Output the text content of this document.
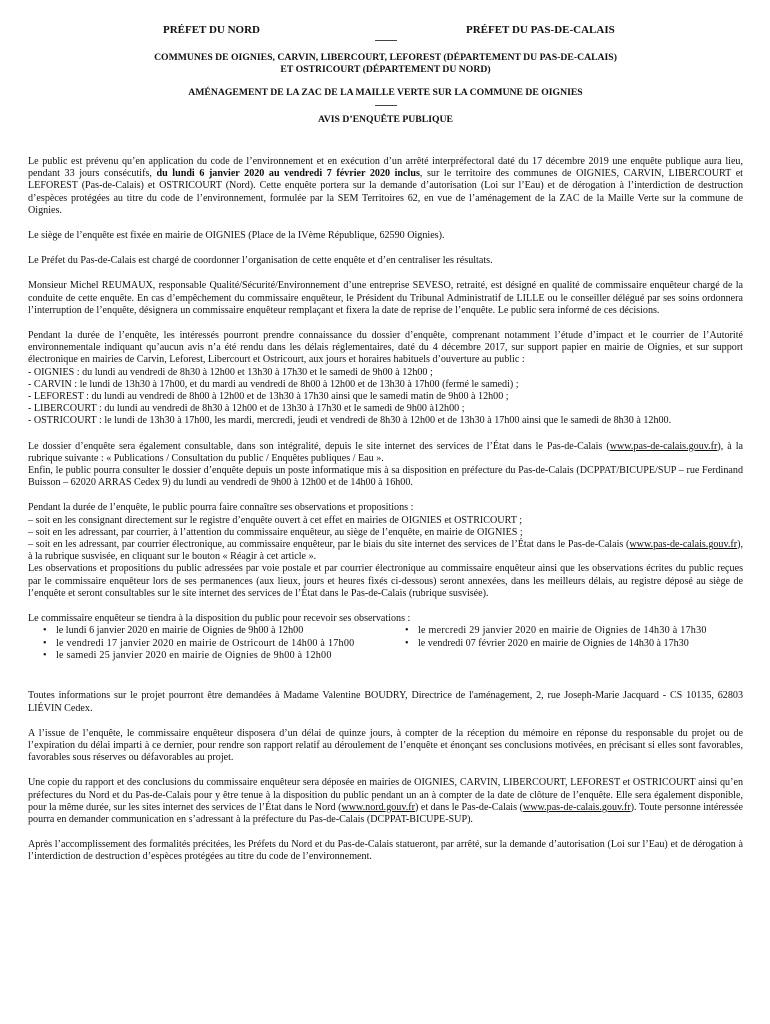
PRÉFET DU NORD	PRÉFET DU PAS-DE-CALAIS
COMMUNES DE OIGNIES, CARVIN, LIBERCOURT, LEFOREST (DÉPARTEMENT DU PAS-DE-CALAIS)
ET OSTRICOURT (DÉPARTEMENT DU NORD)
AMÉNAGEMENT DE LA ZAC DE LA MAILLE VERTE SUR LA COMMUNE DE OIGNIES
AVIS D’ENQUÊTE PUBLIQUE

Le public est prévenu qu’en application du code de l’environnement et en exécution d’un arrêté interpréfectoral daté du 17 décembre 2019 une enquête publique aura lieu, pendant 33 jours consécutifs, du lundi 6 janvier 2020 au vendredi 7 février 2020 inclus, sur le territoire des communes de OIGNIES, CARVIN, LIBERCOURT et LEFOREST (Pas-de-Calais) et OSTRICOURT (Nord). Cette enquête portera sur la demande d’autorisation (Loi sur l’Eau) et de dérogation à l’interdiction de destruction d’espèces protégées au titre du code de l’environnement, formulée par la SEM Territoires 62, en vue de l’aménagement de la ZAC de la Maille Verte sur la commune de Oignies.

Le siège de l’enquête est fixée en mairie de OIGNIES (Place de la IVème République, 62590 Oignies).

Le Préfet du Pas-de-Calais est chargé de coordonner l’organisation de cette enquête et d’en centraliser les résultats.

Monsieur Michel REUMAUX, responsable Qualité/Sécurité/Environnement d’une entreprise SEVESO, retraité, est désigné en qualité de commissaire enquêteur chargé de la conduite de cette enquête. En cas d’empêchement du commissaire enquêteur, le Président du Tribunal Administratif de LILLE ou le conseiller délégué par ses soins ordonnera l’interruption de l’enquête, désignera un commissaire enquêteur remplaçant et fixera la date de reprise de l’enquête. Le public sera informé de ces décisions.

Pendant la durée de l’enquête, les intéressés pourront prendre connaissance du dossier d’enquête, comprenant notamment l’étude d’impact et le courrier de l’Autorité environnementale indiquant qu’aucun avis n’a été rendu dans les délais réglementaires, daté du 4 décembre 2017, sur support papier en mairie de Oignies, et sur support électronique en mairies de Carvin, Leforest, Libercourt et Ostricourt, aux jours et horaires habituels d’ouverture au public :

- OIGNIES : du lundi au vendredi de 8h30 à 12h00 et 13h30 à 17h30 et le samedi de 9h00 à 12h00 ;

- CARVIN : le lundi de 13h30 à 17h00, et du mardi au vendredi de 8h00 à 12h00 et de 13h30 à 17h00 (fermé le samedi) ;

- LEFOREST : du lundi au vendredi de 8h00 à 12h00 et de 13h30 à 17h30 ainsi que le samedi matin de 9h00 à 12h00 ;

- LIBERCOURT : du lundi au vendredi de 8h30 à 12h00 et de 13h30 à 17h30 et le samedi de 9h00 à12h00 ;

- OSTRICOURT : le lundi de 13h30 à 17h00, les mardi, mercredi, jeudi et vendredi de 8h30 à 12h00 et de 13h30 à 17h00 ainsi que le samedi de 8h30 à 12h00.

Le dossier d’enquête sera également consultable, dans son intégralité, depuis le site internet des services de l’État dans le Pas-de-Calais (www.pas-de-calais.gouv.fr), à la rubrique suivante : « Publications / Consultation du public / Enquêtes publiques / Eau ».

Enfin, le public pourra consulter le dossier d’enquête depuis un poste informatique mis à sa disposition en préfecture du Pas-de-Calais (DCPPAT/BICUPE/SUP – rue Ferdinand Buisson – 62020 ARRAS Cedex 9) du lundi au vendredi de 9h00 à 12h00 et de 14h00 à 16h00.

Pendant la durée de l’enquête, le public pourra faire connaître ses observations et propositions :

– soit en les consignant directement sur le registre d’enquête ouvert à cet effet en mairies de OIGNIES et OSTRICOURT ;

– soit en les adressant, par courrier, à l’attention du commissaire enquêteur, au siège de l’enquête, en mairie de OIGNIES ;

– soit en les adressant, par courrier électronique, au commissaire enquêteur, par le biais du site internet des services de l’État dans le Pas-de-Calais (www.pas-de-calais.gouv.fr), à la rubrique susvisée, en cliquant sur le bouton « Réagir à cet article ».

Les observations et propositions du public adressées par voie postale et par courrier électronique au commissaire enquêteur ainsi que les observations écrites du public reçues par le commissaire enquêteur lors de ses permanences (aux lieux, jours et heures fixés ci-dessous) seront annexées, dans les meilleurs délais, au registre déposé au siège de l’enquête et seront consultables sur le site internet des services de l’État dans le Pas-de-Calais (rubrique susvisée).

Le commissaire enquêteur se tiendra à la disposition du public pour recevoir ses observations :

• le lundi 6 janvier 2020 en mairie de Oignies de 9h00 à 12h00
• le vendredi 17 janvier 2020 en mairie de Ostricourt de 14h00 à 17h00
• le samedi 25 janvier 2020 en mairie de Oignies de 9h00 à 12h00
• le mercredi 29 janvier 2020 en mairie de Oignies de 14h30 à 17h30
• le vendredi 07 février 2020 en mairie de Oignies de 14h30 à 17h30

Toutes informations sur le projet pourront être demandées à Madame Valentine BOUDRY, Directrice de l'aménagement, 2, rue Joseph-Marie Jacquard - CS 10135, 62803 LIÉVIN Cedex.

A l’issue de l’enquête, le commissaire enquêteur disposera d’un délai de quinze jours, à compter de la réception du mémoire en réponse du responsable du projet ou de l’expiration du délai imparti à ce dernier, pour rendre son rapport relatif au déroulement de l’enquête et énonçant ses conclusions motivées, en précisant si elles sont favorables, favorables sous réserves ou défavorables au projet.

Une copie du rapport et des conclusions du commissaire enquêteur sera déposée en mairies de OIGNIES, CARVIN, LIBERCOURT, LEFOREST et OSTRICOURT ainsi qu’en préfectures du Nord et du Pas-de-Calais pour y être tenue à la disposition du public pendant un an à compter de la date de clôture de l’enquête. Elle sera également disponible, pour la même durée, sur les sites internet des services de l’État dans le Nord (www.nord.gouv.fr) et dans le Pas-de-Calais (www.pas-de-calais.gouv.fr). Toute personne intéressée pourra en demander communication en s’adressant à la préfecture du Pas-de-Calais (DCPPAT-BICUPE-SUP).

Après l’accomplissement des formalités précitées, les Préfets du Nord et du Pas-de-Calais statueront, par arrêté, sur la demande d’autorisation (Loi sur l’Eau) et de dérogation à l’interdiction de destruction d’espèces protégées au titre du code de l’environnement.
